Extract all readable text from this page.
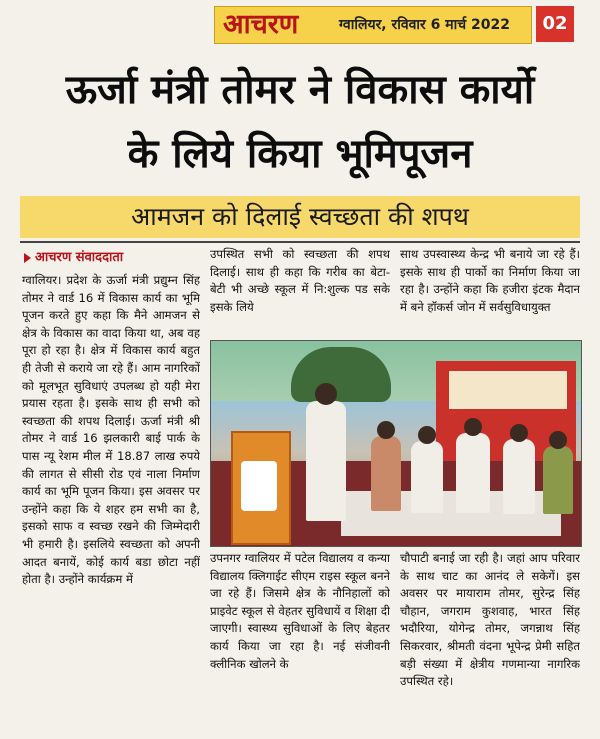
आचरण	ग्वालियर, रविवार 6 मार्च 2022	02
ऊर्जा मंत्री तोमर ने विकास कार्यो
के लिये किया भूमिपूजन
आमजन को दिलाई स्वच्छता की शपथ
आचरण संवाददाता

ग्वालियर। प्रदेश के ऊर्जा मंत्री प्रद्युम्न सिंह तोमर ने वार्ड 16 में विकास कार्य का भूमि पूजन करते हुए कहा कि मैने आमजन से क्षेत्र के विकास का वादा किया था, अब वह पूरा हो रहा है। क्षेत्र में विकास कार्य बहुत ही तेजी से कराये जा रहे हैं। आम नागरिकों को मूलभूत सुविधाएं उपलब्ध हो यही मेरा प्रयास रहता है। इसके साथ ही सभी को स्वच्छता की शपथ दिलाई। ऊर्जा मंत्री श्री तोमर ने वार्ड 16 झलकारी बाई पार्क के पास न्यू रेशम मील में 18.87 लाख रुपये की लागत से सीसी रोड एवं नाला निर्माण कार्य का भूमि पूजन किया। इस अवसर पर उन्होंने कहा कि ये शहर हम सभी का है, इसको साफ व स्वच्छ रखने की जिम्मेदारी भी हमारी है। इसलिये स्वच्छता को अपनी आदत बनायें, कोई कार्य बडा छोटा नहीं होता है। उन्होंने कार्यक्रम में

उपस्थित सभी को स्वच्छता की शपथ दिलाई। साथ ही कहा कि गरीब का बेटा-बेटी भी अच्छे स्कूल में नि:शुल्क पड सके इसके लिये

साथ उपस्वास्थ्य केन्द्र भी बनाये जा रहे हैं। इसके साथ ही पार्को का निर्माण किया जा रहा है। उन्होंने कहा कि हजीरा इंटक मैदान में बने हॉकर्स जोन में सर्वसुविधायुक्त

उपनगर ग्वालियर में पटेल विद्यालय व कन्या विद्यालय क्लिगाईट सीएम राइस स्कूल बनने जा रहे हैं। जिसमे क्षेत्र के नौनिहालों को प्राइवेट स्कूल से वेहतर सुविधायें व शिक्षा दी जाएगी। स्वास्थ्य सुविधाओं के लिए बेहतर कार्य किया जा रहा है। नई संजीवनी क्लीनिक खोलने के

चौपाटी बनाई जा रही है। जहां आप परिवार के साथ चाट का आनंद ले सकेगें। इस अवसर पर मायाराम तोमर, सुरेन्द्र सिंह चौहान, जगराम कुशवाह, भारत सिंह भदौरिया, योगेन्द्र तोमर, जगन्नाथ सिंह सिकरवार, श्रीमती वंदना भूपेन्द्र प्रेमी सहित बड़ी संख्या में क्षेत्रीय गणमान्या नागरिक उपस्थित रहे।
